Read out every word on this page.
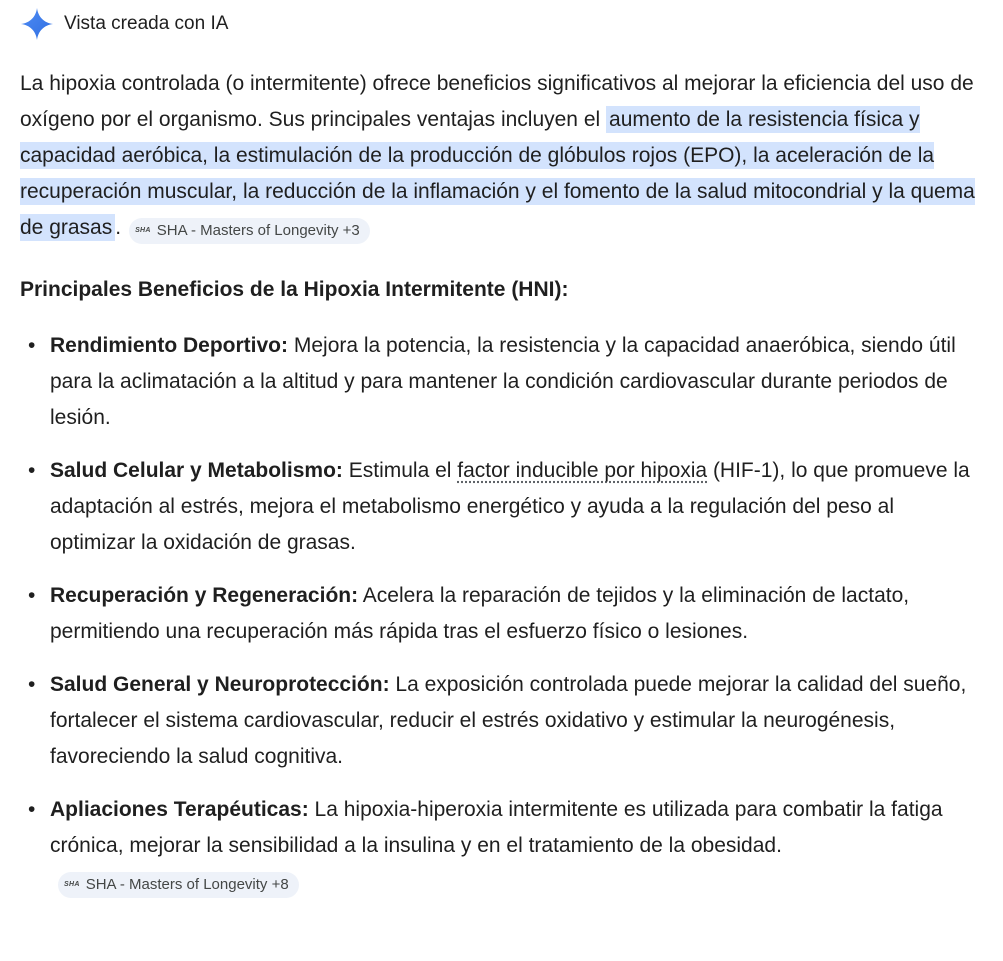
Vista creada con IA

La hipoxia controlada (o intermitente) ofrece beneficios significativos al mejorar la eficiencia del uso de oxígeno por el organismo. Sus principales ventajas incluyen el aumento de la resistencia física y capacidad aeróbica, la estimulación de la producción de glóbulos rojos (EPO), la aceleración de la recuperación muscular, la reducción de la inflamación y el fomento de la salud mitocondrial y la quema de grasas . SHA SHA - Masters of Longevity +3

Principales Beneficios de la Hipoxia Intermitente (HNI):

• Rendimiento Deportivo: Mejora la potencia, la resistencia y la capacidad anaeróbica, siendo útil para la aclimatación a la altitud y para mantener la condición cardiovascular durante periodos de lesión.
• Salud Celular y Metabolismo: Estimula el factor inducible por hipoxia (HIF-1), lo que promueve la adaptación al estrés, mejora el metabolismo energético y ayuda a la regulación del peso al optimizar la oxidación de grasas.
• Recuperación y Regeneración: Acelera la reparación de tejidos y la eliminación de lactato, permitiendo una recuperación más rápida tras el esfuerzo físico o lesiones.
• Salud General y Neuroprotección: La exposición controlada puede mejorar la calidad del sueño, fortalecer el sistema cardiovascular, reducir el estrés oxidativo y estimular la neurogénesis, favoreciendo la salud cognitiva.
• Apliaciones Terapéuticas: La hipoxia-hiperoxia intermitente es utilizada para combatir la fatiga crónica, mejorar la sensibilidad a la insulina y en el tratamiento de la obesidad.
SHA SHA - Masters of Longevity +8
